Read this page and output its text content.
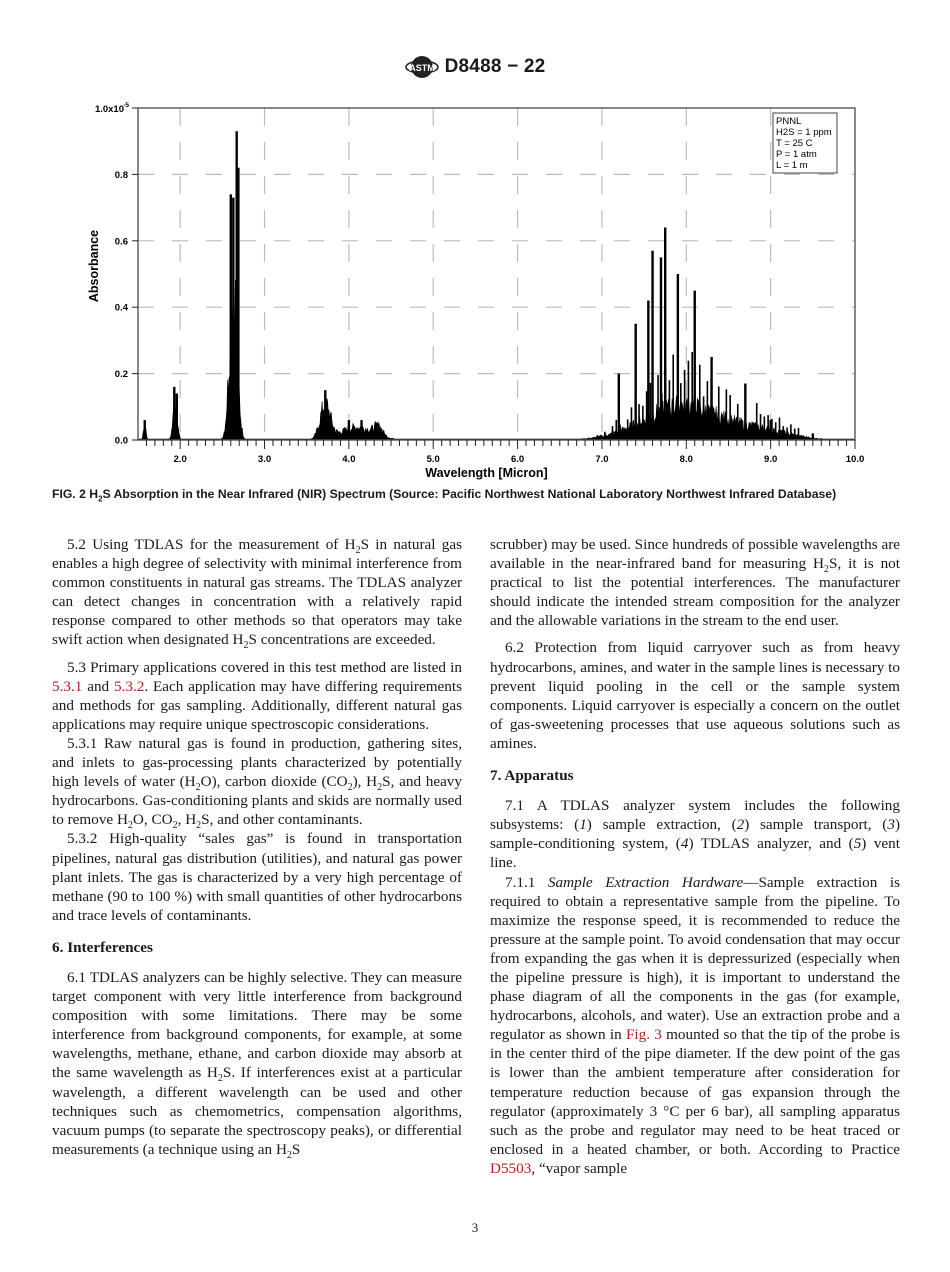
ASTM D8488 − 22
0.0
0.2
0.4
0.6
0.8
1.0x10 -5
2.0	3.0	4.0	5.0	6.0	7.0	8.0	9.0	10.0
Wavelength [Micron]
Absorbance
PNNL
H2S = 1 ppm
T = 25 C
P = 1 atm
L = 1 m
FIG. 2 $H_2S$ Absorption in the Near Infrared (NIR) Spectrum (Source: Pacific Northwest National Laboratory Northwest Infrared Database)

5.2 Using TDLAS for the measurement of $H_2S$ in natural gas enables a high degree of selectivity with minimal interference from common constituents in natural gas streams. The TDLAS analyzer can detect changes in concentration with a relatively rapid response compared to other methods so that operators may take swift action when designated $H_2S$ concentrations are exceeded.

5.3 Primary applications covered in this test method are listed in 5.3.1 and 5.3.2. Each application may have differing requirements and methods for gas sampling. Additionally, different natural gas applications may require unique spectroscopic considerations.

5.3.1 Raw natural gas is found in production, gathering sites, and inlets to gas-processing plants characterized by potentially high levels of water $(H_2O)$, carbon dioxide $(CO_2)$, $H_2S$, and heavy hydrocarbons. Gas-conditioning plants and skids are normally used to remove $H_2O$, $CO_2$, $H_2S$, and other contaminants.

5.3.2 High-quality “sales gas” is found in transportation pipelines, natural gas distribution (utilities), and natural gas power plant inlets. The gas is characterized by a very high percentage of methane (90 to 100 %) with small quantities of other hydrocarbons and trace levels of contaminants.

6. Interferences

6.1 TDLAS analyzers can be highly selective. They can measure target component with very little interference from background composition with some limitations. There may be some interference from background components, for example, at some wavelengths, methane, ethane, and carbon dioxide may absorb at the same wavelength as $H_2S$. If interferences exist at a particular wavelength, a different wavelength can be used and other techniques such as chemometrics, compensation algorithms, vacuum pumps (to separate the spectroscopy peaks), or differential measurements (a technique using an $H_2S$

scrubber) may be used. Since hundreds of possible wavelengths are available in the near-infrared band for measuring $H_2S$, it is not practical to list the potential interferences. The manufacturer should indicate the intended stream composition for the analyzer and the allowable variations in the stream to the end user.

6.2 Protection from liquid carryover such as from heavy hydrocarbons, amines, and water in the sample lines is necessary to prevent liquid pooling in the cell or the sample system components. Liquid carryover is especially a concern on the outlet of gas-sweetening processes that use aqueous solutions such as amines.

7. Apparatus

7.1 A TDLAS analyzer system includes the following subsystems: (1) sample extraction, (2) sample transport, (3) sample-conditioning system, (4) TDLAS analyzer, and (5) vent line.

7.1.1 Sample Extraction Hardware—Sample extraction is required to obtain a representative sample from the pipeline. To maximize the response speed, it is recommended to reduce the pressure at the sample point. To avoid condensation that may occur from expanding the gas when it is depressurized (especially when the pipeline pressure is high), it is important to understand the phase diagram of all the components in the gas (for example, hydrocarbons, alcohols, and water). Use an extraction probe and a regulator as shown in Fig. 3 mounted so that the tip of the probe is in the center third of the pipe diameter. If the dew point of the gas is lower than the ambient temperature after consideration for temperature reduction because of gas expansion through the regulator (approximately 3 °C per 6 bar), all sampling apparatus such as the probe and regulator may need to be heat traced or enclosed in a heated chamber, or both. According to Practice D5503, “vapor sample

3
